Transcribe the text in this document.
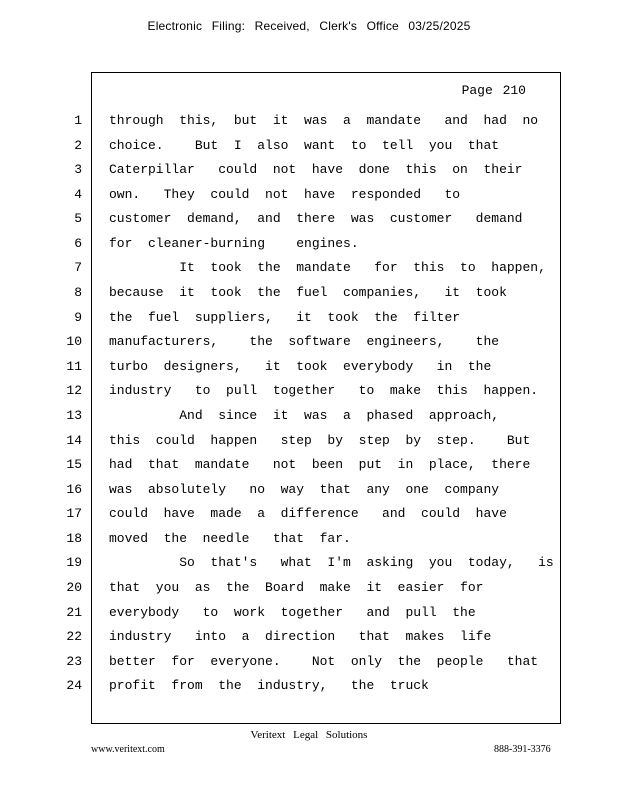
Electronic Filing: Received, Clerk's Office 03/25/2025
Page 210
1 through  this,  but  it  was  a  mandate   and  had  no
2 choice.    But  I  also  want  to  tell  you  that
3 Caterpillar   could  not  have  done  this  on  their
4 own.   They  could  not  have  responded   to
5 customer  demand,  and  there  was  customer   demand
6 for  cleaner-burning    engines.
7 It  took  the  mandate   for  this  to  happen,
8 because  it  took  the  fuel  companies,   it  took
9 the  fuel  suppliers,   it  took  the  filter
10 manufacturers,    the  software  engineers,    the
11 turbo  designers,   it  took  everybody   in  the
12 industry   to  pull  together   to  make  this  happen.
13 And  since  it  was  a  phased  approach,
14 this  could  happen   step  by  step  by  step.    But
15 had  that  mandate   not  been  put  in  place,  there
16 was  absolutely   no  way  that  any  one  company
17 could  have  made  a  difference   and  could  have
18 moved  the  needle   that  far.
19 So  that's   what  I'm  asking  you  today,   is
20 that  you  as  the  Board  make  it  easier  for
21 everybody   to  work  together   and  pull  the
22 industry   into  a  direction   that  makes  life
23 better  for  everyone.    Not  only  the  people   that
24 profit  from  the  industry,   the  truck
Veritext Legal Solutions
www.veritext.com	888-391-3376
